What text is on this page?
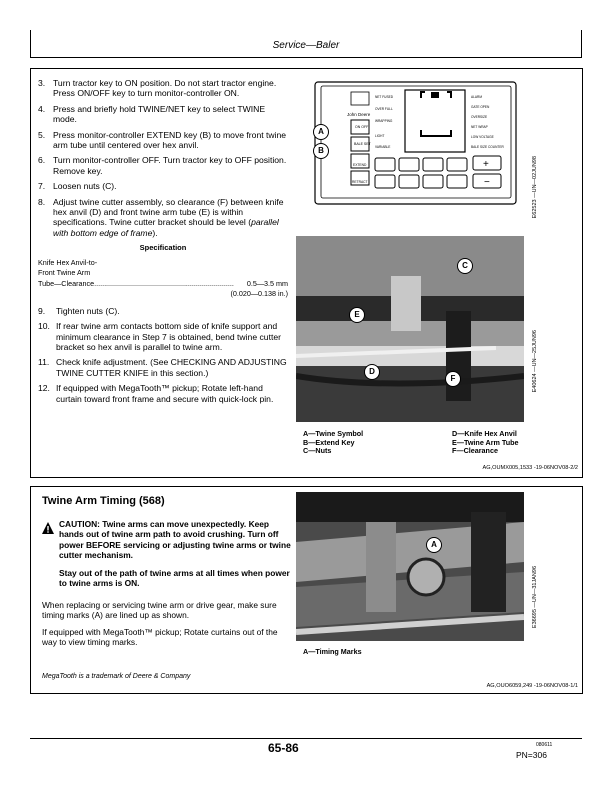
Service—Baler
3. Turn tractor key to ON position. Do not start tractor engine. Press ON/OFF key to turn monitor-controller ON.
4. Press and briefly hold TWINE/NET key to select TWINE mode.
5. Press monitor-controller EXTEND key (B) to move front twine arm tube until centered over hex anvil.
6. Turn monitor-controller OFF. Turn tractor key to OFF position. Remove key.
7. Loosen nuts (C).
8. Adjust twine cutter assembly, so clearance (F) between knife hex anvil (D) and front twine arm tube (E) is within specifications. Twine cutter bracket should be level (parallel with bottom edge of frame).
Specification
Knife Hex Anvil-to-
Front Twine Arm
Tube—Clearance ......................................................................	0.5—3.5 mm
(0.020—0.138 in.)
9.	Tighten nuts (C).
10. If rear twine arm contacts bottom side of knife support and minimum clearance in Step 7 is obtained, bend twine cutter bracket so hex anvil is parallel to twine arm.
11. Check knife adjustment. (See CHECKING AND ADJUSTING TWINE CUTTER KNIFE in this section.)
12. If equipped with MegaTooth™ pickup; Rotate left-hand curtain toward front frame and secure with quick-lock pin.
John Deere
ON OFF
BALE SET
EXTEND
RETRACT
NET FUSED
OVER FULL
WRAPPING
LIGHT
VARIABLE
ALARM
GATE OPEN
OVERSIZE
NET WRAP
LOW VOLTAGE
BALE SIZE COUNTER
+
−
A
B
E62523 —UN—02JUN98
C
E
D
F	E40624 —UN—25JUN96
A—Twine Symbol
B—Extend Key
C—Nuts
D—Knife Hex Anvil
E—Twine Arm Tube
F—Clearance
AG,OUMX005,1533 -19-06NOV08-2/2
Twine Arm Timing (568)
CAUTION: Twine arms can move unexpectedly. Keep hands out of twine arm path to avoid crushing. Turn off power BEFORE servicing or adjusting twine arms or twine cutter mechanism.
Stay out of the path of twine arms at all times when power to twine arms is ON.
When replacing or servicing twine arm or drive gear, make sure timing marks (A) are lined up as shown.
If equipped with MegaTooth™ pickup; Rotate curtains out of the way to view timing marks.
A
E36695 —UN—31JAN96
A—Timing Marks
MegaTooth is a trademark of Deere & Company
AG,OUO6059,249 -19-06NOV08-1/1
65-86	080611
PN=306
